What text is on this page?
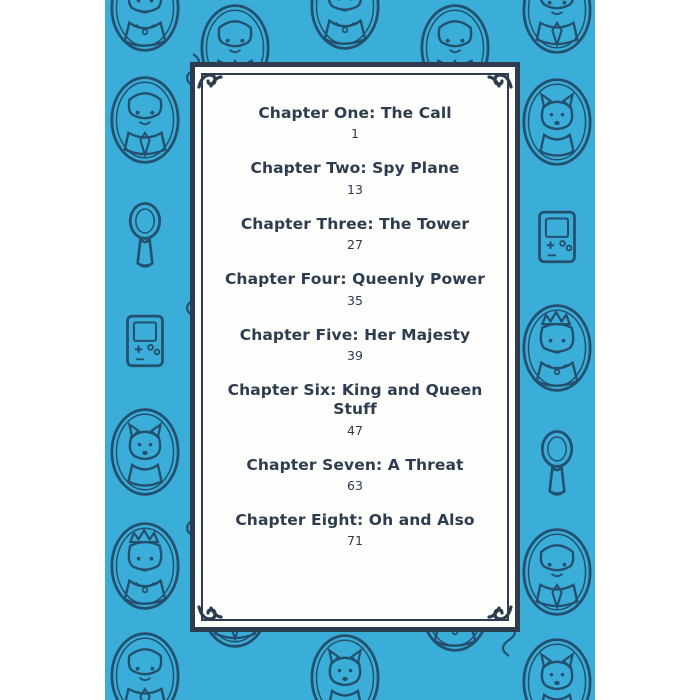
Chapter One: The Call
1
Chapter Two: Spy Plane
13
Chapter Three: The Tower
27
Chapter Four: Queenly Power
35
Chapter Five: Her Majesty
39
Chapter Six: King and Queen Stuff
47
Chapter Seven: A Threat
63
Chapter Eight: Oh and Also
71
